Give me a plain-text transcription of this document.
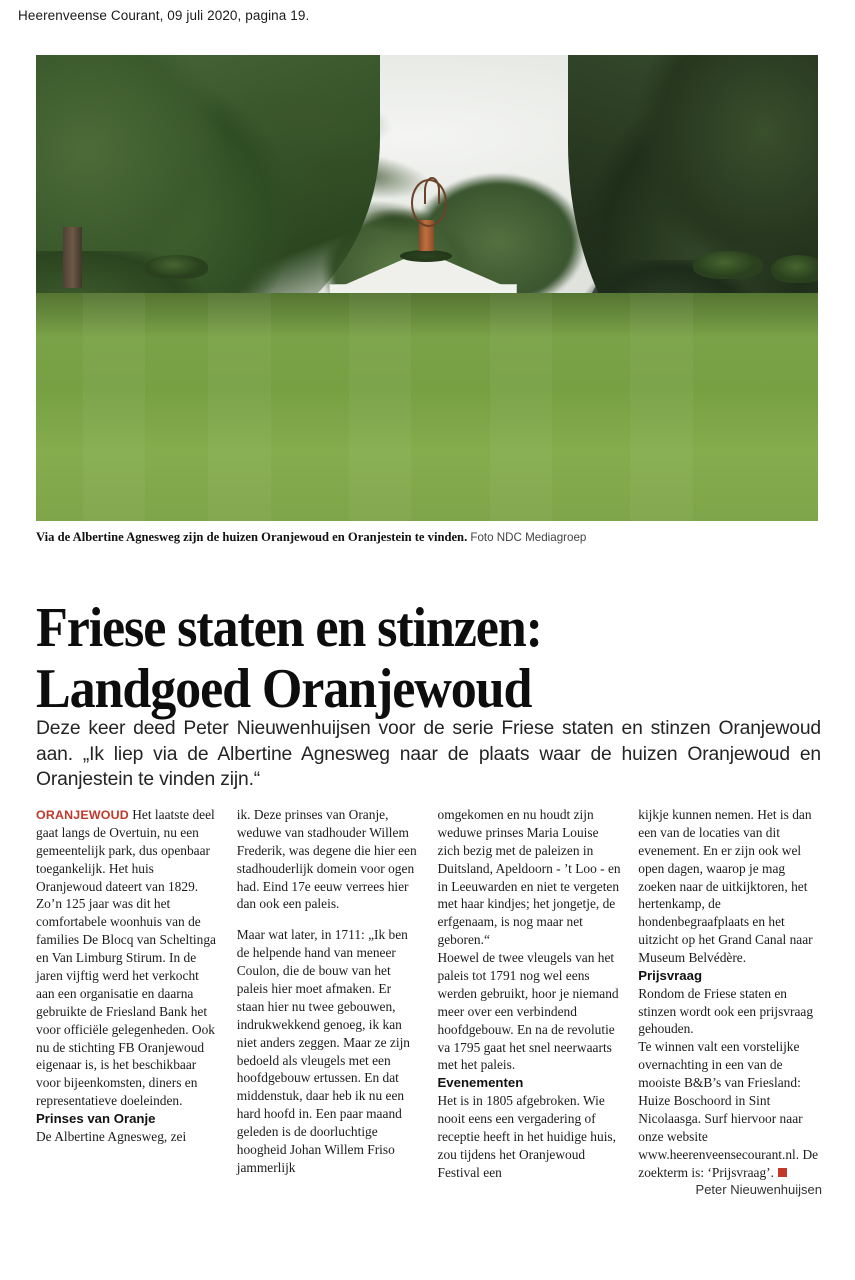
Heerenveense Courant, 09 juli 2020, pagina 19.
Via de Albertine Agnesweg zijn de huizen Oranjewoud en Oranjestein te vinden. Foto NDC Mediagroep
Friese staten en stinzen:
Landgoed Oranjewoud
Deze keer deed Peter Nieuwenhuijsen voor de serie Friese staten en stinzen Oranjewoud aan. „Ik liep via de Albertine Agnesweg naar de plaats waar de huizen Oranjewoud en Oranjestein te vinden zijn.“

ORANJEWOUD Het laatste deel gaat langs de Overtuin, nu een gemeentelijk park, dus openbaar toegankelijk. Het huis Oranjewoud dateert van 1829.

Zo’n 125 jaar was dit het comfortabele woonhuis van de families De Blocq van Scheltinga en Van Limburg Stirum. In de jaren vijftig werd het verkocht aan een organisatie en daarna gebruikte de Friesland Bank het voor officiële gelegenheden. Ook nu de stichting FB Oranjewoud eigenaar is, is het beschikbaar voor bijeenkomsten, diners en representatieve doeleinden.

Prinses van Oranje

De Albertine Agnesweg, zei

ik. Deze prinses van Oranje, weduwe van stadhouder Willem Frederik, was degene die hier een stadhouderlijk domein voor ogen had. Eind 17e eeuw verrees hier dan ook een paleis.

Maar wat later, in 1711: „Ik ben de helpende hand van meneer Coulon, die de bouw van het paleis hier moet afmaken. Er staan hier nu twee gebouwen, indrukwekkend genoeg, ik kan niet anders zeggen. Maar ze zijn bedoeld als vleugels met een hoofdgebouw ertussen. En dat middenstuk, daar heb ik nu een hard hoofd in. Een paar maand geleden is de doorluchtige hoogheid Johan Willem Friso jammerlijk

omgekomen en nu houdt zijn weduwe prinses Maria Louise zich bezig met de paleizen in Duitsland, Apeldoorn - ’t Loo - en in Leeuwarden en niet te vergeten met haar kindjes; het jongetje, de erfgenaam, is nog maar net geboren.“

Hoewel de twee vleugels van het paleis tot 1791 nog wel eens werden gebruikt, hoor je niemand meer over een verbindend hoofdgebouw. En na de revolutie va 1795 gaat het snel neerwaarts met het paleis.

Evenementen

Het is in 1805 afgebroken. Wie nooit eens een vergadering of receptie heeft in het huidige huis, zou tijdens het Oranjewoud Festival een

kijkje kunnen nemen. Het is dan een van de locaties van dit evenement. En er zijn ook wel open dagen, waarop je mag zoeken naar de uitkijktoren, het hertenkamp, de hondenbegraafplaats en het uitzicht op het Grand Canal naar Museum Belvédère.

Prijsvraag

Rondom de Friese staten en stinzen wordt ook een prijsvraag gehouden.

Te winnen valt een vorstelijke overnachting in een van de mooiste B&B’s van Friesland: Huize Boschoord in Sint Nicolaasga. Surf hiervoor naar onze website www.heerenveensecourant.nl. De zoekterm is: ‘Prijsvraag’.

Peter Nieuwenhuijsen
